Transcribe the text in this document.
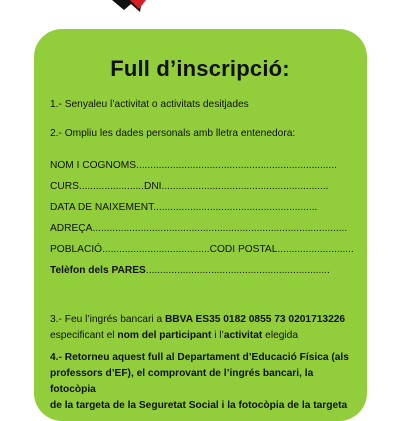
Full d’inscripció:
1.- Senyaleu l’activitat o activitats desitjades
2.- Ompliu les dades personals amb lletra entenedora:
NOM I COGNOMS.......................................................................
CURS.......................DNI...........................................................
DATA DE NAIXEMENT..........................................................
ADREÇA..........................................................................................
POBLACIÓ......................................CODI POSTAL...........................
Telèfon dels PARES.................................................................
3.- Feu l’ingrés bancari a BBVA ES35 0182 0855 73 0201713226
especificant el nom del participant i l’activitat elegida
4.- Retorneu aquest full al Departament d’Educació Física (als
professors d’EF), el comprovant de l’ingrés bancari, la fotocòpia
de la targeta de la Seguretat Social i la fotocòpia de la targeta
